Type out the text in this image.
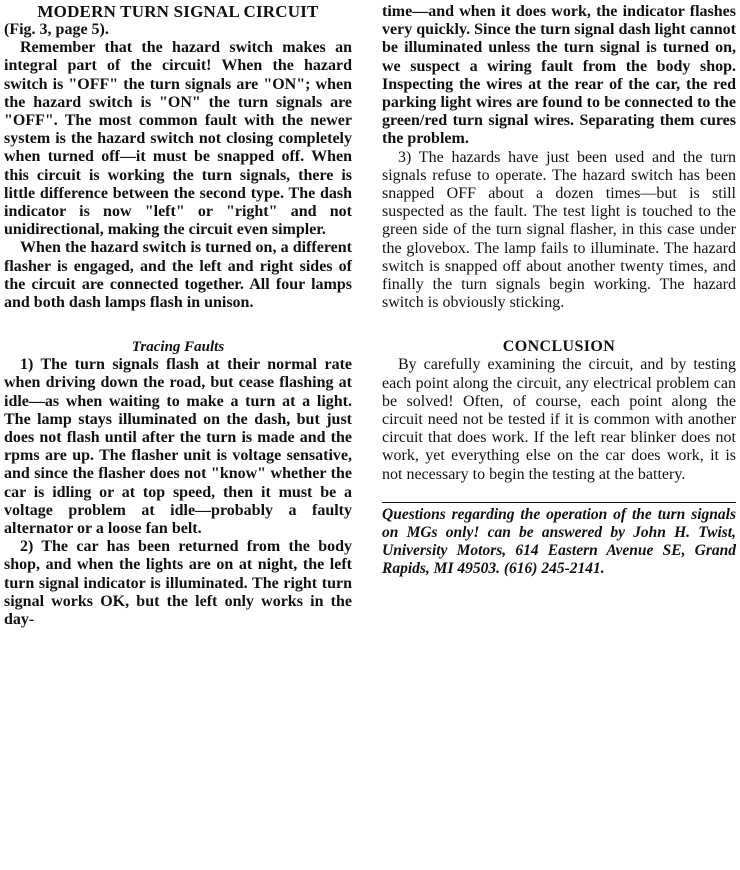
MODERN TURN SIGNAL CIRCUIT
(Fig. 3, page 5).

Remember that the hazard switch makes an integral part of the circuit! When the hazard switch is "OFF" the turn signals are "ON"; when the hazard switch is "ON" the turn signals are "OFF". The most common fault with the newer system is the hazard switch not closing completely when turned off—it must be snapped off. When this circuit is working the turn signals, there is little difference between the second type. The dash indicator is now "left" or "right" and not unidirectional, making the circuit even simpler.

When the hazard switch is turned on, a different flasher is engaged, and the left and right sides of the circuit are connected together. All four lamps and both dash lamps flash in unison.

Tracing Faults

1) The turn signals flash at their normal rate when driving down the road, but cease flashing at idle—as when waiting to make a turn at a light. The lamp stays illuminated on the dash, but just does not flash until after the turn is made and the rpms are up. The flasher unit is voltage sensative, and since the flasher does not "know" whether the car is idling or at top speed, then it must be a voltage problem at idle—probably a faulty alternator or a loose fan belt.

2) The car has been returned from the body shop, and when the lights are on at night, the left turn signal indicator is illuminated. The right turn signal works OK, but the left only works in the day-

time—and when it does work, the indicator flashes very quickly. Since the turn signal dash light cannot be illuminated unless the turn signal is turned on, we suspect a wiring fault from the body shop. Inspecting the wires at the rear of the car, the red parking light wires are found to be connected to the green/red turn signal wires. Separating them cures the problem.

3) The hazards have just been used and the turn signals refuse to operate. The hazard switch has been snapped OFF about a dozen times—but is still suspected as the fault. The test light is touched to the green side of the turn signal flasher, in this case under the glovebox. The lamp fails to illuminate. The hazard switch is snapped off about another twenty times, and finally the turn signals begin working. The hazard switch is obviously sticking.

CONCLUSION

By carefully examining the circuit, and by testing each point along the circuit, any electrical problem can be solved! Often, of course, each point along the circuit need not be tested if it is common with another circuit that does work. If the left rear blinker does not work, yet everything else on the car does work, it is not necessary to begin the testing at the battery.

Questions regarding the operation of the turn signals on MGs only! can be answered by John H. Twist, University Motors, 614 Eastern Avenue SE, Grand Rapids, MI 49503. (616) 245-2141.
